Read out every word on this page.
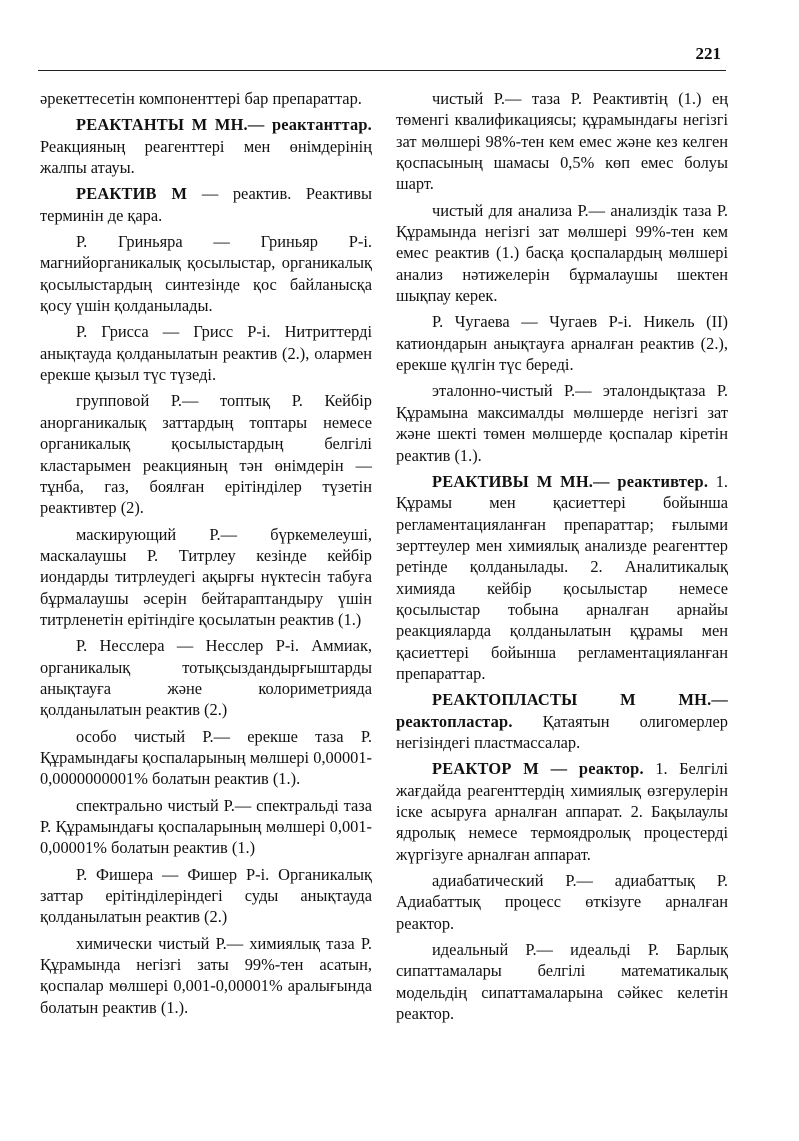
221

әрекеттесетін компоненттері бар препараттар.

РЕАКТАНТЫ М МН.— реактанттар. Реакцияның реагенттері мен өнімдерінің жалпы атауы.

РЕАКТИВ М — реактив. Реактивы терминін де қара.

Р. Гриньяра — Гриньяр Р-і. магнийорганикалық қосылыстар, органикалық қосылыстардың синтезінде қос байланысқа қосу үшін қолданылады.

Р. Грисса — Грисс Р-і. Нитриттерді анықтауда қолданылатын реактив (2.), олармен ерекше қызыл түс түзеді.

групповой Р.— топтық Р. Кейбір анорганикалық заттардың топтары немесе органикалық қосылыстардың белгілі кластарымен реакцияның тән өнімдерін — тұнба, газ, боялған ерітінділер түзетін реактивтер (2).

маскирующий Р.— бүркемелеуші, маскалаушы Р. Титрлеу кезінде кейбір иондарды титрлеудегі ақырғы нүктесін табуға бұрмалаушы әсерін бейтараптандыру үшін титрленетін ерітіндіге қосылатын реактив (1.)

Р. Несслера — Несслер Р-і. Аммиак, органикалық тотықсыздандырғыштарды анықтауға және колориметрияда қолданылатын реактив (2.)

особо чистый Р.— ерекше таза Р. Құрамындағы қоспаларының мөлшері 0,00001-0,0000000001% болатын реактив (1.).

спектрально чистый Р.— спектральді таза Р. Құрамындағы қоспаларының мөлшері 0,001-0,00001% болатын реактив (1.)

Р. Фишера — Фишер Р-і. Органикалық заттар ерітінділеріндегі суды анықтауда қолданылатын реактив (2.)

химически чистый Р.— химиялық таза Р. Құрамында негізгі заты 99%-тен асатын, қоспалар мөлшері 0,001-0,00001% аралығында болатын реактив (1.).

чистый Р.— таза Р. Реактивтің (1.) ең төменгі квалификациясы; құрамындағы негізгі зат мөлшері 98%-тен кем емес және кез келген қоспасының шамасы 0,5% көп емес болуы шарт.

чистый для анализа Р.— анализдік таза Р. Құрамында негізгі зат мөлшері 99%-тен кем емес реактив (1.) басқа қоспалардың мөлшері анализ нәтижелерін бұрмалаушы шектен шықпау керек.

Р. Чугаева — Чугаев Р-і. Никель (II) катиондарын анықтауға арналған реактив (2.), ерекше қүлгін түс береді.

эталонно-чистый Р.— эталондықтаза Р. Құрамына максималды мөлшерде негізгі зат және шекті төмен мөлшерде қоспалар кіретін реактив (1.).

РЕАКТИВЫ М МН.— реактивтер. 1. Құрамы мен қасиеттері бойынша регламентацияланған препараттар; ғылыми зерттеулер мен химиялық анализде реагенттер ретінде қолданылады. 2. Аналитикалық химияда кейбір қосылыстар немесе қосылыстар тобына арналған арнайы реакцияларда қолданылатын құрамы мен қасиеттері бойынша регламентацияланған препараттар.

РЕАКТОПЛАСТЫ М МН.— реактопластар. Қатаятын олигомерлер негізіндегі пластмассалар.

РЕАКТОР М — реактор. 1. Белгілі жағдайда реагенттердің химиялық өзгерулерін іске асыруға арналған аппарат. 2. Бақылаулы ядролық немесе термоядролық процестерді жүргізуге арналған аппарат.

адиабатический Р.— адиабаттық Р. Адиабаттық процесс өткізуге арналған реактор.

идеальный Р.— идеальді Р. Барлық сипаттамалары белгілі математикалық модельдің сипаттамаларына сәйкес келетін реактор.
